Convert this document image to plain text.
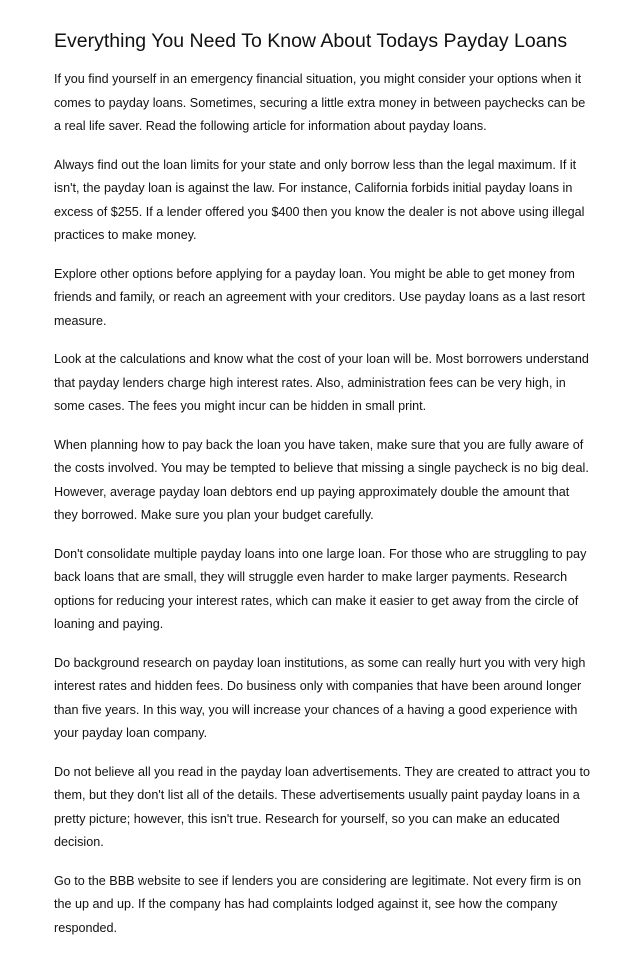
Everything You Need To Know About Todays Payday Loans

If you find yourself in an emergency financial situation, you might consider your options when it comes to payday loans. Sometimes, securing a little extra money in between paychecks can be a real life saver. Read the following article for information about payday loans.

Always find out the loan limits for your state and only borrow less than the legal maximum. If it isn't, the payday loan is against the law. For instance, California forbids initial payday loans in excess of $255. If a lender offered you $400 then you know the dealer is not above using illegal practices to make money.

Explore other options before applying for a payday loan. You might be able to get money from friends and family, or reach an agreement with your creditors. Use payday loans as a last resort measure.

Look at the calculations and know what the cost of your loan will be. Most borrowers understand that payday lenders charge high interest rates. Also, administration fees can be very high, in some cases. The fees you might incur can be hidden in small print.

When planning how to pay back the loan you have taken, make sure that you are fully aware of the costs involved. You may be tempted to believe that missing a single paycheck is no big deal. However, average payday loan debtors end up paying approximately double the amount that they borrowed. Make sure you plan your budget carefully.

Don't consolidate multiple payday loans into one large loan. For those who are struggling to pay back loans that are small, they will struggle even harder to make larger payments. Research options for reducing your interest rates, which can make it easier to get away from the circle of loaning and paying.

Do background research on payday loan institutions, as some can really hurt you with very high interest rates and hidden fees. Do business only with companies that have been around longer than five years. In this way, you will increase your chances of a having a good experience with your payday loan company.

Do not believe all you read in the payday loan advertisements. They are created to attract you to them, but they don't list all of the details. These advertisements usually paint payday loans in a pretty picture; however, this isn't true. Research for yourself, so you can make an educated decision.

Go to the BBB website to see if lenders you are considering are legitimate. Not every firm is on the up and up. If the company has had complaints lodged against it, see how the company responded.
